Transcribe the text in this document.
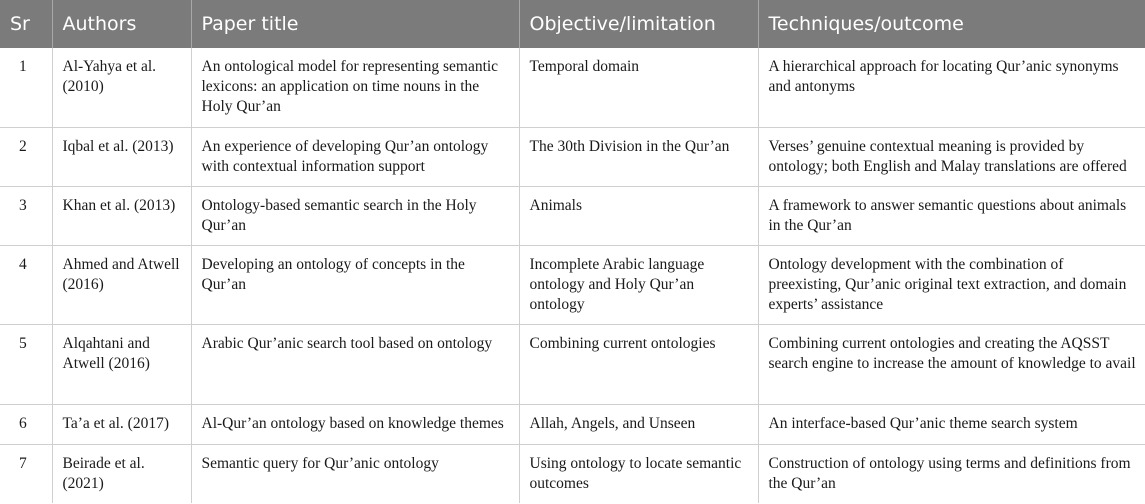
Sr	Authors	Paper title	Objective/limitation	Techniques/outcome
1	Al-Yahya et al. (2010)	An ontological model for representing semantic lexicons: an application on time nouns in the Holy Qur’an	Temporal domain	A hierarchical approach for locating Qur’anic synonyms and antonyms
2	Iqbal et al. (2013)	An experience of developing Qur’an ontology with contextual information support	The 30th Division in the Qur’an	Verses’ genuine contextual meaning is provided by ontology; both English and Malay translations are offered
3	Khan et al. (2013)	Ontology-based semantic search in the Holy Qur’an	Animals	A framework to answer semantic questions about animals in the Qur’an
4	Ahmed and Atwell (2016)	Developing an ontology of concepts in the Qur’an	Incomplete Arabic language ontology and Holy Qur’an ontology	Ontology development with the combination of preexisting, Qur’anic original text extraction, and domain experts’ assistance
5	Alqahtani and Atwell (2016)	Arabic Qur’anic search tool based on ontology	Combining current ontologies	Combining current ontologies and creating the AQSST search engine to increase the amount of knowledge to avail
6	Ta’a et al. (2017)	Al-Qur’an ontology based on knowledge themes	Allah, Angels, and Unseen	An interface-based Qur’anic theme search system
7	Beirade et al. (2021)	Semantic query for Qur’anic ontology	Using ontology to locate semantic outcomes	Construction of ontology using terms and definitions from the Qur’an
